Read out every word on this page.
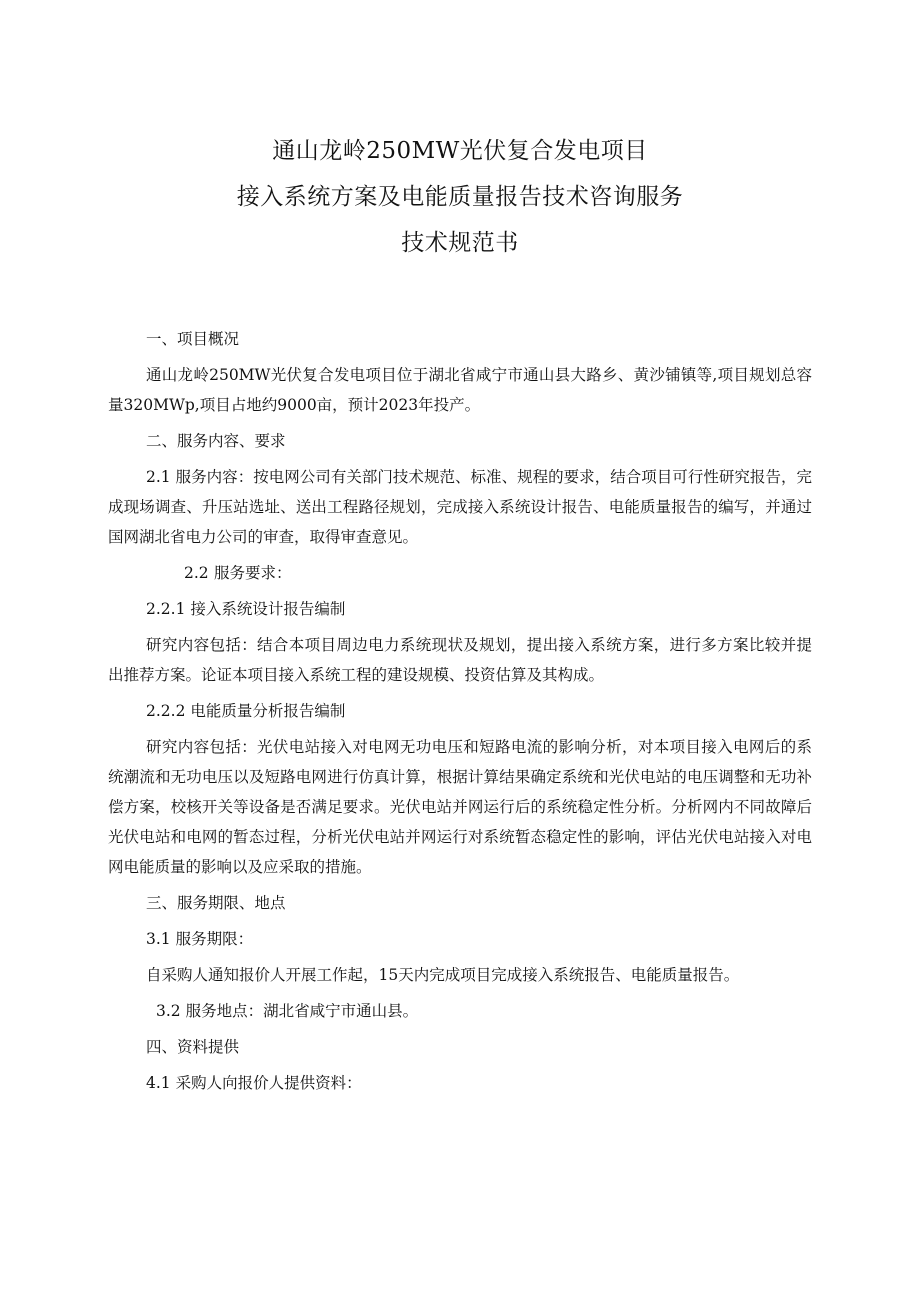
通山龙岭250MW光伏复合发电项目
接入系统方案及电能质量报告技术咨询服务
技术规范书

一、项目概况

通山龙岭250MW光伏复合发电项目位于湖北省咸宁市通山县大路乡、黄沙铺镇等,项目规划总容量320MWp,项目占地约9000亩，预计2023年投产。

二、服务内容、要求

2.1 服务内容：按电网公司有关部门技术规范、标准、规程的要求，结合项目可行性研究报告，完成现场调查、升压站选址、送出工程路径规划，完成接入系统设计报告、电能质量报告的编写，并通过国网湖北省电力公司的审查，取得审查意见。

2.2 服务要求：

2.2.1 接入系统设计报告编制

研究内容包括：结合本项目周边电力系统现状及规划，提出接入系统方案，进行多方案比较并提出推荐方案。论证本项目接入系统工程的建设规模、投资估算及其构成。

2.2.2 电能质量分析报告编制

研究内容包括：光伏电站接入对电网无功电压和短路电流的影响分析，对本项目接入电网后的系统潮流和无功电压以及短路电网进行仿真计算，根据计算结果确定系统和光伏电站的电压调整和无功补偿方案，校核开关等设备是否满足要求。光伏电站并网运行后的系统稳定性分析。分析网内不同故障后光伏电站和电网的暂态过程，分析光伏电站并网运行对系统暂态稳定性的影响，评估光伏电站接入对电网电能质量的影响以及应采取的措施。

三、服务期限、地点

3.1 服务期限：

自采购人通知报价人开展工作起，15天内完成项目完成接入系统报告、电能质量报告。

3.2 服务地点：湖北省咸宁市通山县。

四、资料提供

4.1 采购人向报价人提供资料：
